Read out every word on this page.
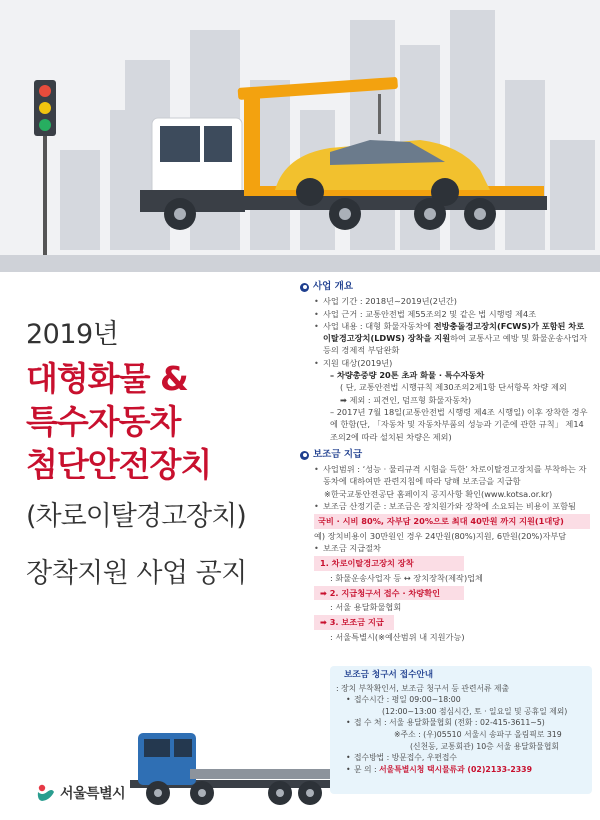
2019년
대형화물 &
특수자동차
첨단안전장치
(차로이탈경고장치)
장착지원 사업 공지
사업 개요
• 사업 기간 : 2018년~2019년(2년간)
• 사업 근거 : 교통안전법 제55조의2 및 같은 법 시행령 제4조
• 사업 내용 : 대형 화물자동차에 전방충돌경고장치(FCWS)가 포함된 차로이탈경고장치(LDWS) 장착을 지원하여 교통사고 예방 및 화물운송사업자 등의 경제적 부담완화
• 지원 대상(2019년)
– 차량총중량 20톤 초과 화물 · 특수자동차
( 단, 교통안전법 시행규칙 제30조의2제1항 단서항목 차량 제외
➡ 제외 : 피견인, 덤프형 화물자동차)
– 2017년 7월 18일(교통안전법 시행령 제4조 시행일) 이후 장착한 경우에 한함(단, 「자동차 및 자동차부품의 성능과 기준에 관한 규칙」 제14조의2에 따라 설치된 차량은 제외)
보조금 지급
• 사업범위 : ‘성능 · 물리규격 시험을 득한’ 차로이탈경고장치를 부착하는 자동차에 대하여만 관련지침에 따라 당해 보조금을 지급함
※한국교통안전공단 홈페이지 공지사항 확인(www.kotsa.or.kr)
• 보조금 산정기준 : 보조금은 장치원가와 장착에 소요되는 비용이 포함됨
국비 · 시비 80%, 자부담 20%으로 최대 40만원 까지 지원(1대당)
예) 장치비용이 30만원인 경우 24만원(80%)지원, 6만원(20%)자부담
• 보조금 지급절차
1. 차로이탈경고장치 장착
: 화물운송사업자 등 ↔ 장치장착(제작)업체
➡ 2. 지급청구서 접수 · 차량확인
: 서울 용달화물협회
➡ 3. 보조금 지급
: 서울특별시(※예산범위 내 지원가능)
보조금 청구서 접수안내
: 장치 부착확인서, 보조금 청구서 등 관련서류 제출
• 접수시간 : 평일 09:00~18:00
(12:00~13:00 점심시간, 토 · 일요일 및 공휴일 제외)
• 접 수 처 : 서울 용달화물협회 (전화 : 02-415-3611~5)
※주소 : (우)05510 서울시 송파구 올림픽로 319
(신천동, 교통회관) 10층 서울 용달화물협회
• 접수방법 : 방문접수, 우편접수
• 문 의 : 서울특별시청 택시물류과 (02)2133-2339
서울특별시
